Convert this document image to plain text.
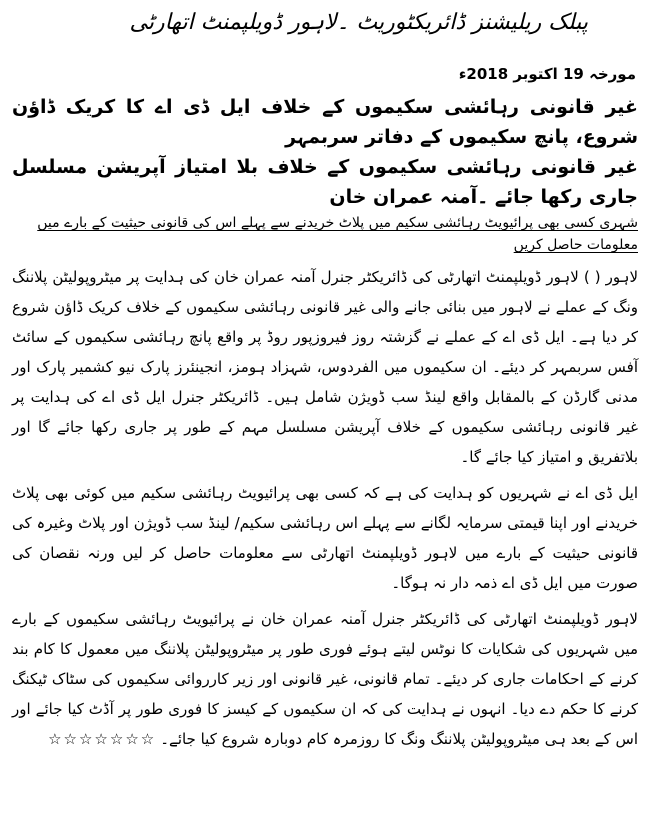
پبلک ریلیشنز ڈائریکٹوریٹ ۔لاہور ڈویلپمنٹ اتھارٹی
مورخہ 19 اکتوبر 2018ء

غیر قانونی رہائشی سکیموں کے خلاف ایل ڈی اے کا کریک ڈاؤن شروع، پانچ سکیموں کے دفاتر سربمہر

غیر قانونی رہائشی سکیموں کے خلاف بلا امتیاز آپریشن مسلسل جاری رکھا جائے ۔آمنہ عمران خان

شہری کسی بھی پرائیویٹ رہائشی سکیم میں پلاٹ خریدنے سے پہلے اس کی قانونی حیثیت کے بارے میں معلومات حاصل کریں

لاہور ( ) لاہور ڈویلپمنٹ اتھارٹی کی ڈائریکٹر جنرل آمنہ عمران خان کی ہدایت پر میٹروپولیٹن پلاننگ ونگ کے عملے نے لاہور میں بنائی جانے والی غیر قانونی رہائشی سکیموں کے خلاف کریک ڈاؤن شروع کر دیا ہے۔ ایل ڈی اے کے عملے نے گزشتہ روز فیروزپور روڈ پر واقع پانچ رہائشی سکیموں کے سائٹ آفس سربمہر کر دیئے۔ ان سکیموں میں الفردوس، شہزاد ہومز، انجینئرز پارک نیو کشمیر پارک اور مدنی گارڈن کے بالمقابل واقع لینڈ سب ڈویژن شامل ہیں۔ ڈائریکٹر جنرل ایل ڈی اے کی ہدایت پر غیر قانونی رہائشی سکیموں کے خلاف آپریشن مسلسل مہم کے طور پر جاری رکھا جائے گا اور بلاتفریق و امتیاز کیا جائے گا۔

ایل ڈی اے نے شہریوں کو ہدایت کی ہے کہ کسی بھی پرائیویٹ رہائشی سکیم میں کوئی بھی پلاٹ خریدنے اور اپنا قیمتی سرمایہ لگانے سے پہلے اس رہائشی سکیم/ لینڈ سب ڈویژن اور پلاٹ وغیرہ کی قانونی حیثیت کے بارے میں لاہور ڈویلپمنٹ اتھارٹی سے معلومات حاصل کر لیں ورنہ نقصان کی صورت میں ایل ڈی اے ذمہ دار نہ ہوگا۔

لاہور ڈویلپمنٹ اتھارٹی کی ڈائریکٹر جنرل آمنہ عمران خان نے پرائیویٹ رہائشی سکیموں کے بارے میں شہریوں کی شکایات کا نوٹس لیتے ہوئے فوری طور پر میٹروپولیٹن پلاننگ میں معمول کا کام بند کرنے کے احکامات جاری کر دیئے۔ تمام قانونی، غیر قانونی اور زیر کارروائی سکیموں کی سٹاک ٹیکنگ کرنے کا حکم دے دیا۔ انہوں نے ہدایت کی کہ ان سکیموں کے کیسز کا فوری طور پر آڈٹ کیا جائے اور اس کے بعد ہی میٹروپولیٹن پلاننگ ونگ کا روزمرہ کام دوبارہ شروع کیا جائے۔☆☆☆☆☆☆☆
